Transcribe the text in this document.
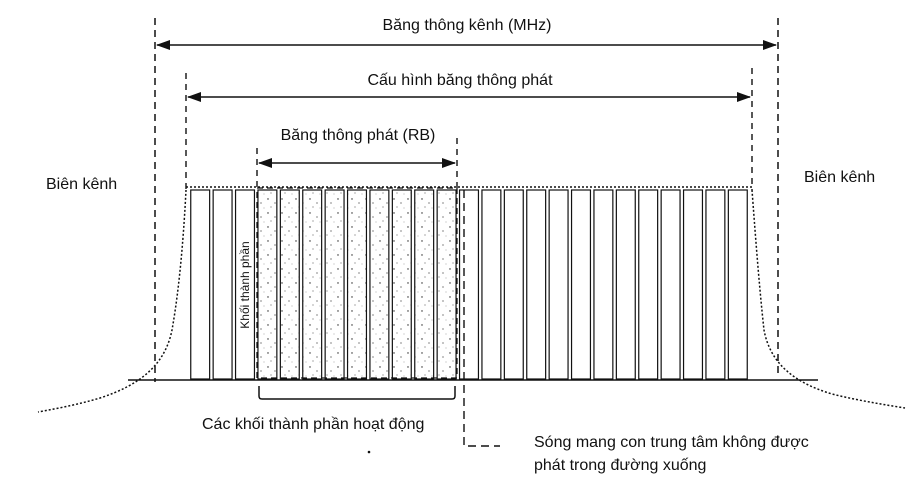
Băng thông kênh (MHz)
Cấu hình băng thông phát
Băng thông phát (RB)
Biên kênh	Biên kênh
Khối thành phần
Các khối thành phần hoạt động
Sóng mang con trung tâm không được
phát trong đường xuống
